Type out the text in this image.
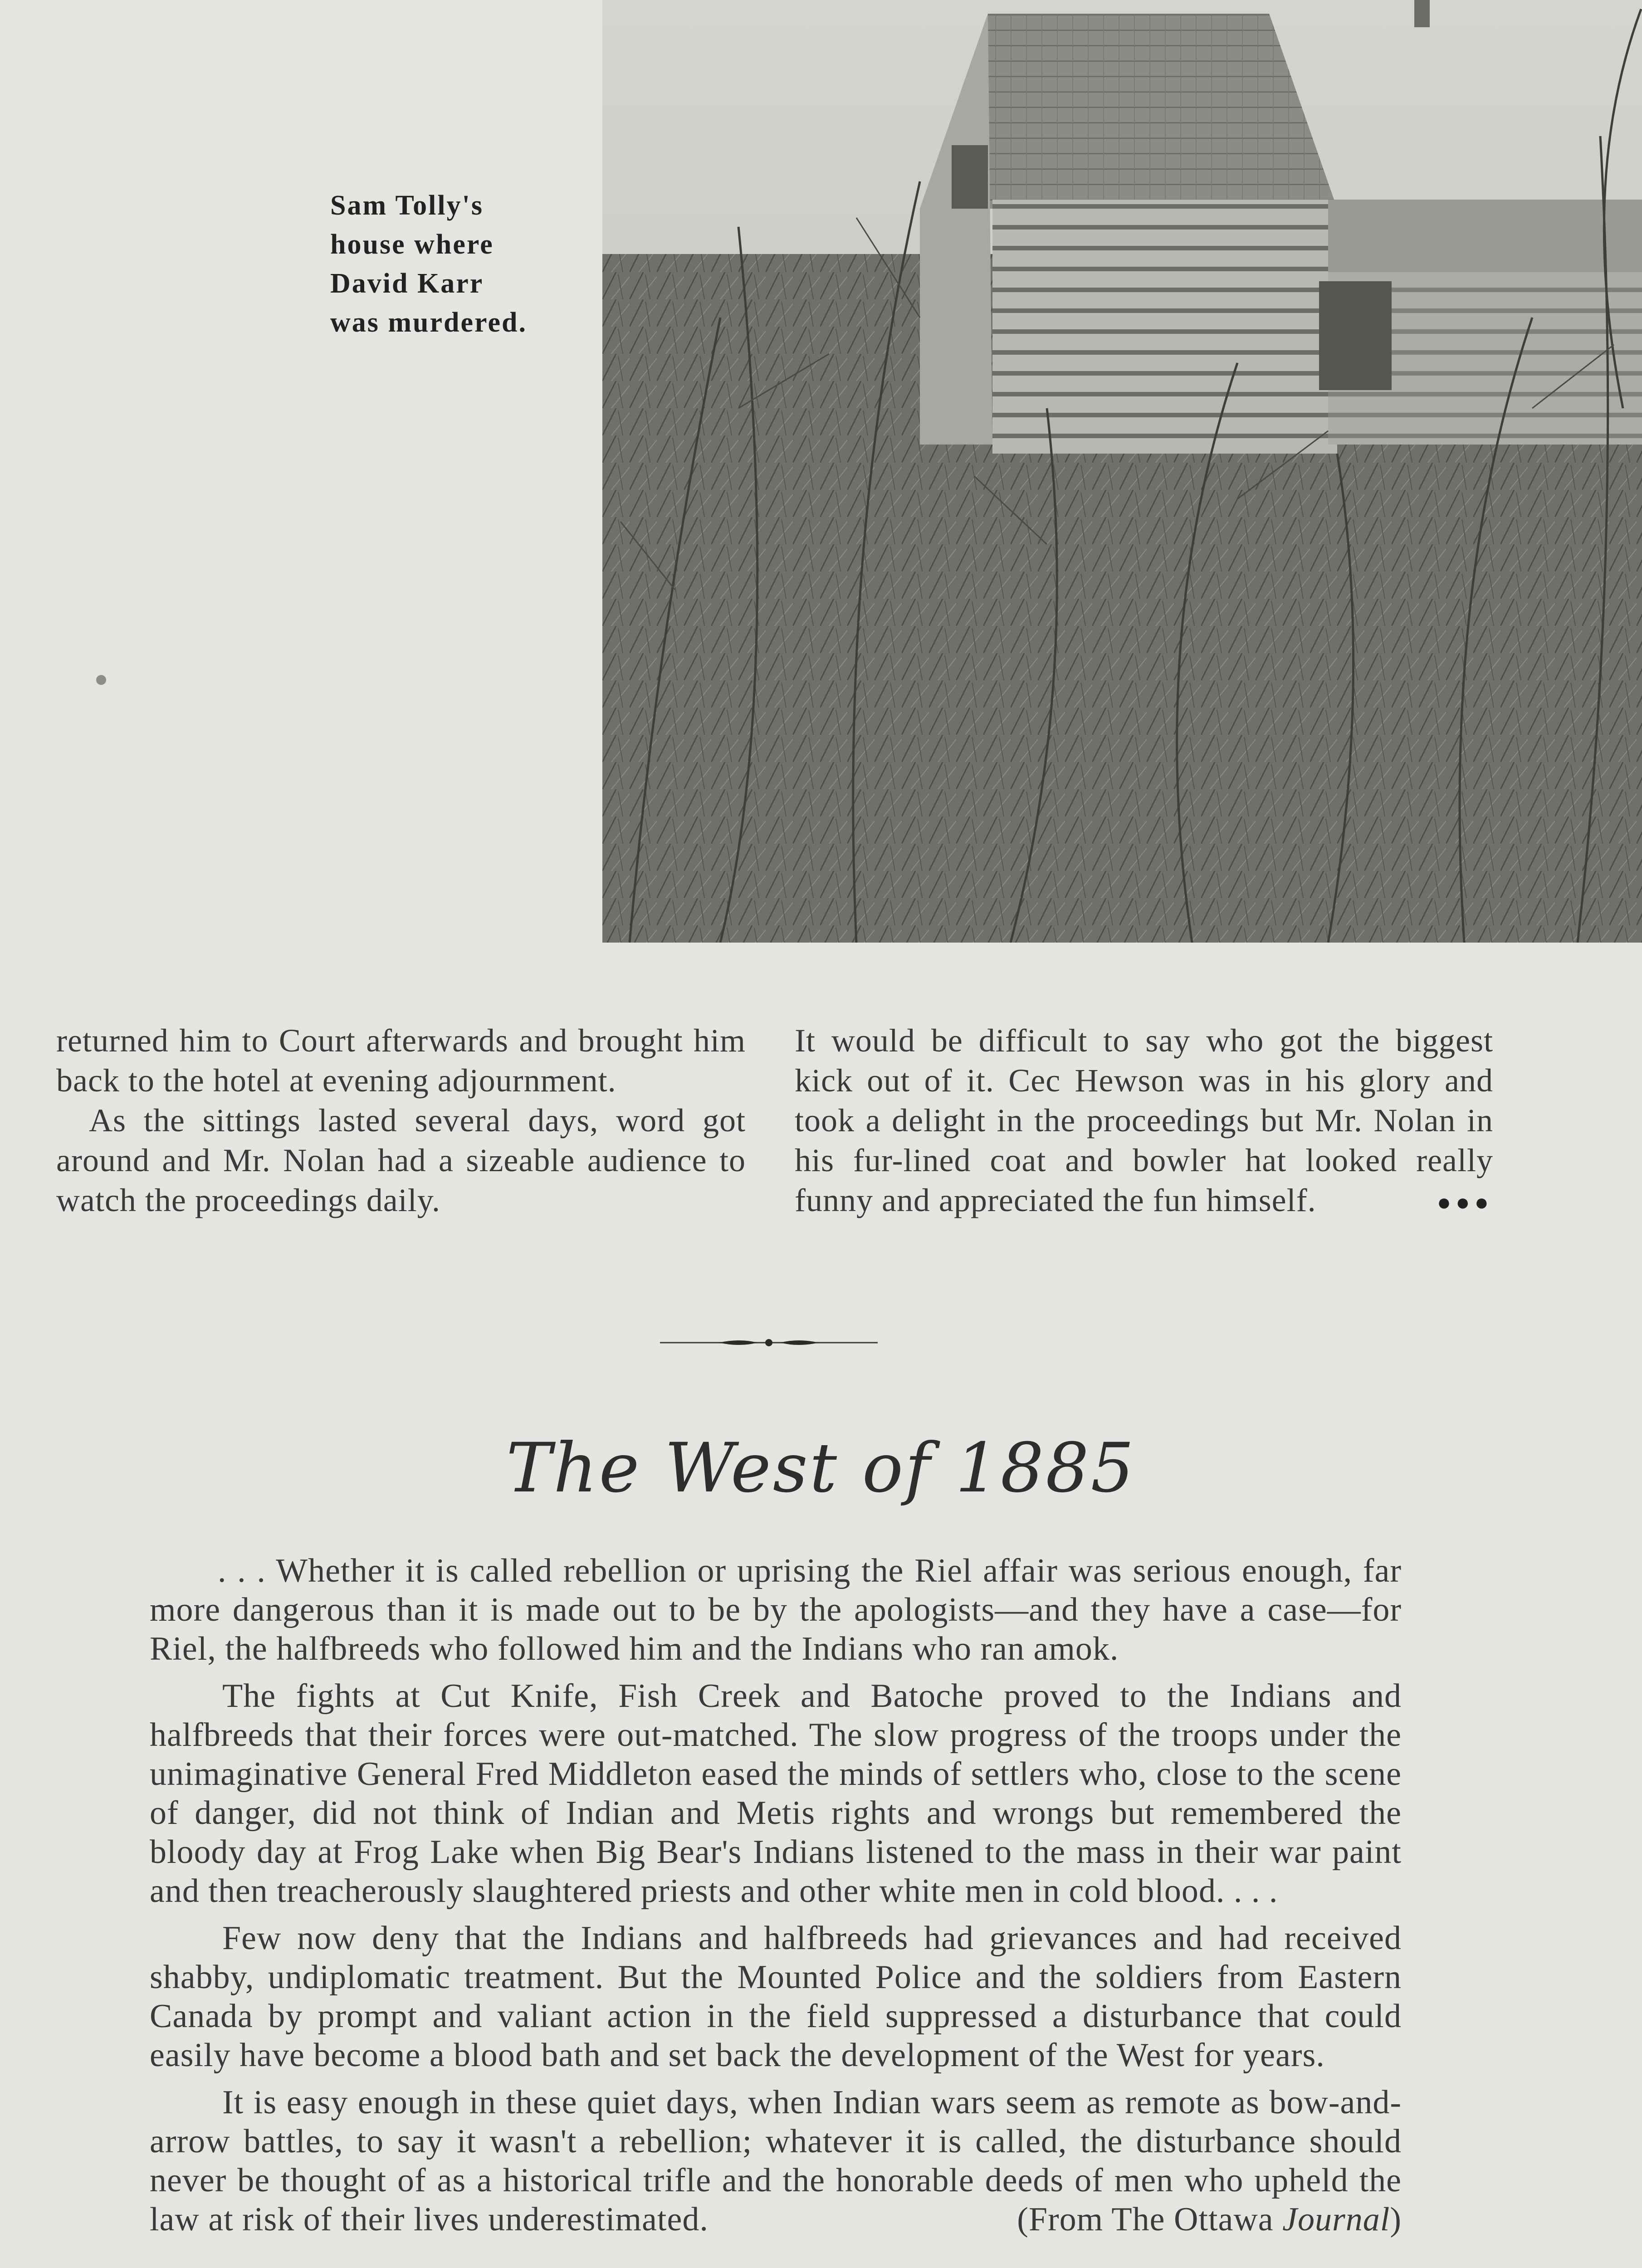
Sam Tolly's
house where
David Karr
was murdered.

returned him to Court afterwards and brought him back to the hotel at evening adjournment.

As the sittings lasted several days, word got around and Mr. Nolan had a sizeable audience to watch the proceedings daily.

It would be difficult to say who got the biggest kick out of it. Cec Hewson was in his glory and took a delight in the proceedings but Mr. Nolan in his fur-lined coat and bowler hat looked really funny and appreciated the fun himself.	●●●

The West of 1885

. . . Whether it is called rebellion or uprising the Riel affair was serious enough, far more dangerous than it is made out to be by the apologists—and they have a case—for Riel, the halfbreeds who followed him and the Indians who ran amok.

The fights at Cut Knife, Fish Creek and Batoche proved to the Indians and halfbreeds that their forces were out-matched. The slow progress of the troops under the unimaginative General Fred Middleton eased the minds of settlers who, close to the scene of danger, did not think of Indian and Metis rights and wrongs but remembered the bloody day at Frog Lake when Big Bear's Indians listened to the mass in their war paint and then treacherously slaughtered priests and other white men in cold blood. . . .

Few now deny that the Indians and halfbreeds had grievances and had received shabby, undiplomatic treatment. But the Mounted Police and the soldiers from Eastern Canada by prompt and valiant action in the field suppressed a disturbance that could easily have become a blood bath and set back the development of the West for years.

It is easy enough in these quiet days, when Indian wars seem as remote as bow-and-arrow battles, to say it wasn't a rebellion; whatever it is called, the disturbance should never be thought of as a historical trifle and the honorable deeds of men who upheld the law at risk of their lives underestimated.	(From The Ottawa Journal)
